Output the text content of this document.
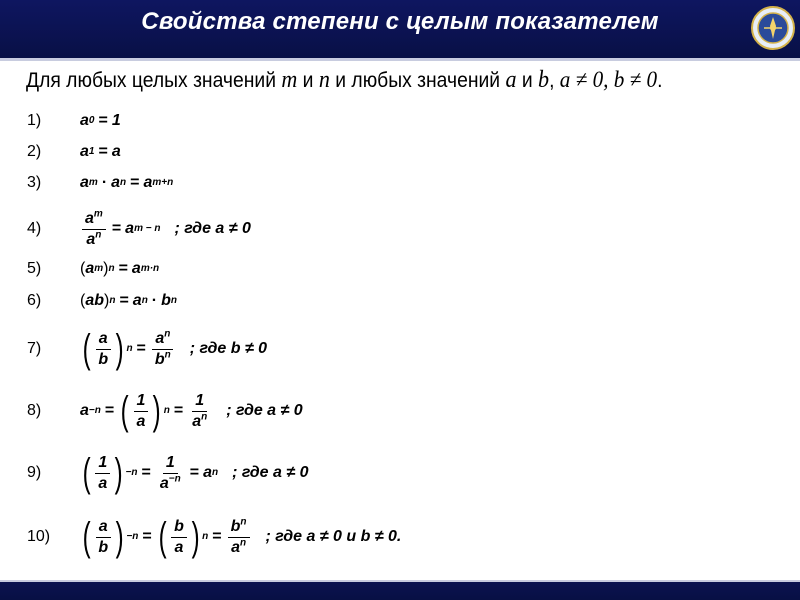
Свойства степени с целым показателем
Для любых целых значений m и n и любых значений a и b, a ≠ 0, b ≠ 0.
1) a 0 = 1
2) a 1 = a
3) a m · a n = a m+n
4)	$\frac{a^m}{a^n} = a$ m − n ; где a ≠ 0
5) ( a m ) n = a m·n
6) ( ab ) n = a n · b n
7) ( $\frac{a}{b}$ ) $n = \frac{a^n}{b^n}$ ; где b ≠ 0
8) a −n = ( $\frac{1}{a}$ ) $n = \frac{1}{a^n}$ ; где a ≠ 0
9) ( $\frac{1}{a}$ ) $-n = \frac{1}{a^{-n}} = a$ n ; где a ≠ 0
10) ( $\frac{a}{b}$ ) −n = ( $\frac{b}{a}$ ) $n = \frac{b^n}{a^n}$ ; где a ≠ 0 и b ≠ 0.
